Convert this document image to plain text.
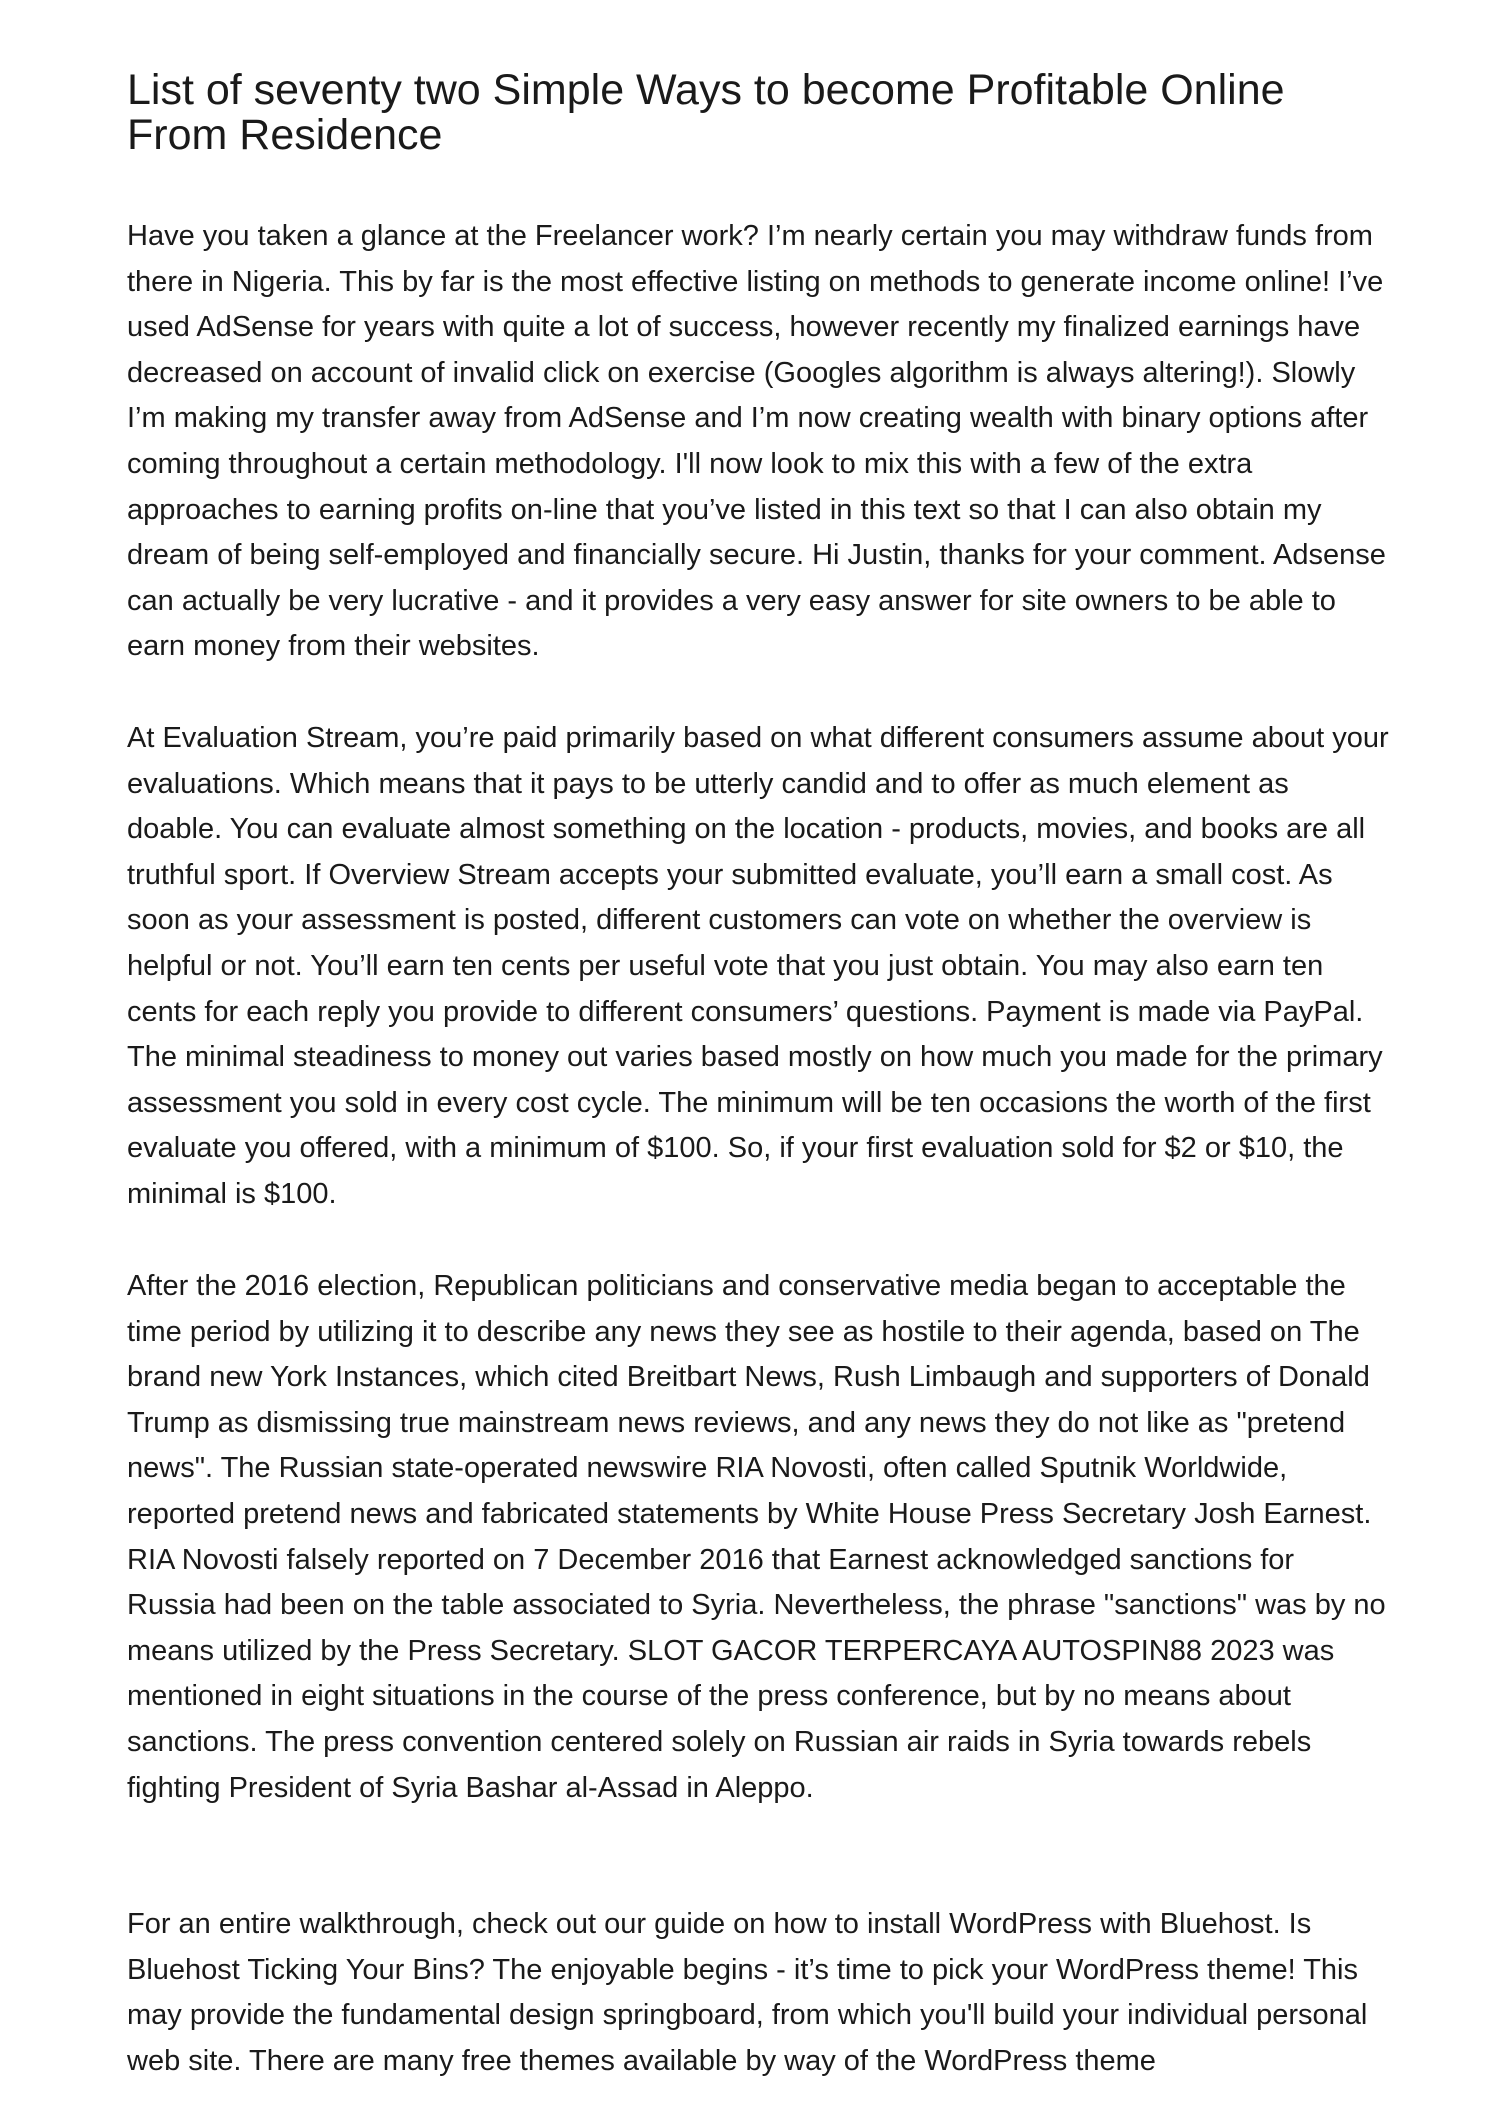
List of seventy two Simple Ways to become Profitable Online From Residence

Have you taken a glance at the Freelancer work? I’m nearly certain you may withdraw funds from there in Nigeria. This by far is the most effective listing on methods to generate income online! I’ve used AdSense for years with quite a lot of success, however recently my finalized earnings have decreased on account of invalid click on exercise (Googles algorithm is always altering!). Slowly I’m making my transfer away from AdSense and I’m now creating wealth with binary options after coming throughout a certain methodology. I'll now look to mix this with a few of the extra approaches to earning profits on-line that you’ve listed in this text so that I can also obtain my dream of being self-employed and financially secure. Hi Justin, thanks for your comment. Adsense can actually be very lucrative - and it provides a very easy answer for site owners to be able to earn money from their websites.

At Evaluation Stream, you’re paid primarily based on what different consumers assume about your evaluations. Which means that it pays to be utterly candid and to offer as much element as doable. You can evaluate almost something on the location - products, movies, and books are all truthful sport. If Overview Stream accepts your submitted evaluate, you’ll earn a small cost. As soon as your assessment is posted, different customers can vote on whether the overview is helpful or not. You’ll earn ten cents per useful vote that you just obtain. You may also earn ten cents for each reply you provide to different consumers’ questions. Payment is made via PayPal. The minimal steadiness to money out varies based mostly on how much you made for the primary assessment you sold in every cost cycle. The minimum will be ten occasions the worth of the first evaluate you offered, with a minimum of $100. So, if your first evaluation sold for $2 or $10, the minimal is $100.

After the 2016 election, Republican politicians and conservative media began to acceptable the time period by utilizing it to describe any news they see as hostile to their agenda, based on The brand new York Instances, which cited Breitbart News, Rush Limbaugh and supporters of Donald Trump as dismissing true mainstream news reviews, and any news they do not like as "pretend news". The Russian state-operated newswire RIA Novosti, often called Sputnik Worldwide, reported pretend news and fabricated statements by White House Press Secretary Josh Earnest. RIA Novosti falsely reported on 7 December 2016 that Earnest acknowledged sanctions for Russia had been on the table associated to Syria. Nevertheless, the phrase "sanctions" was by no means utilized by the Press Secretary. SLOT GACOR TERPERCAYA AUTOSPIN88 2023 was mentioned in eight situations in the course of the press conference, but by no means about sanctions. The press convention centered solely on Russian air raids in Syria towards rebels fighting President of Syria Bashar al-Assad in Aleppo.

For an entire walkthrough, check out our guide on how to install WordPress with Bluehost. Is Bluehost Ticking Your Bins? The enjoyable begins - it’s time to pick your WordPress theme! This may provide the fundamental design springboard, from which you'll build your individual personal web site. There are many free themes available by way of the WordPress theme
